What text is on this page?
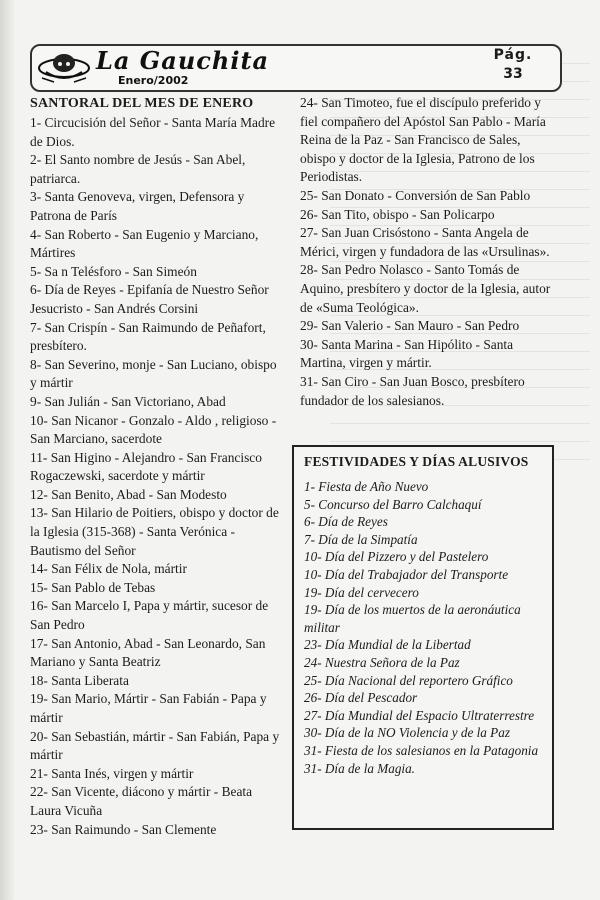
La Gauchita
Enero/2002
Pág.
33

SANTORAL DEL MES DE ENERO

1- Circucisión del Señor - Santa María Madre de Dios.

2- El Santo nombre de Jesús - San Abel, patriarca.

3- Santa Genoveva, virgen, Defensora y Patrona de París

4- San Roberto - San Eugenio y Marciano, Mártires

5- Sa n Telésforo - San Simeón

6- Día de Reyes - Epifanía de Nuestro Señor Jesucristo - San Andrés Corsini

7- San Crispín - San Raimundo de Peñafort, presbítero.

8- San Severino, monje - San Luciano, obispo y mártir

9- San Julián - San Victoriano, Abad

10- San Nicanor - Gonzalo - Aldo , religioso - San Marciano, sacerdote

11- San Higino - Alejandro - San Francisco Rogaczewski, sacerdote y mártir

12- San Benito, Abad - San Modesto

13- San Hilario de Poitiers, obispo y doctor de la Iglesia (315-368) - Santa Verónica - Bautismo del Señor

14- San Félix de Nola, mártir

15- San Pablo de Tebas

16- San Marcelo I, Papa y mártir, sucesor de San Pedro

17- San Antonio, Abad - San Leonardo, San Mariano y Santa Beatriz

18- Santa Liberata

19- San Mario, Mártir - San Fabián - Papa y mártir

20- San Sebastián, mártir - San Fabián, Papa y mártir

21- Santa Inés, virgen y mártir

22- San Vicente, diácono y mártir - Beata Laura Vicuña

23- San Raimundo - San Clemente

24- San Timoteo, fue el discípulo preferido y fiel compañero del Apóstol San Pablo - María Reina de la Paz - San Francisco de Sales, obispo y doctor de la Iglesia, Patrono de los Periodistas.

25- San Donato - Conversión de San Pablo

26- San Tito, obispo - San Policarpo

27- San Juan Crisóstono - Santa Angela de Mérici, virgen y fundadora de las «Ursulinas».

28- San Pedro Nolasco - Santo Tomás de Aquino, presbítero y doctor de la Iglesia, autor de «Suma Teológica».

29- San Valerio - San Mauro - San Pedro

30- Santa Marina - San Hipólito - Santa Martina, virgen y mártir.

31- San Ciro - San Juan Bosco, presbítero fundador de los salesianos.

FESTIVIDADES Y DÍAS ALUSIVOS

1- Fiesta de Año Nuevo

5- Concurso del Barro Calchaquí

6- Día de Reyes

7- Día de la Simpatía

10- Día del Pizzero y del Pastelero

10- Día del Trabajador del Transporte

19- Día del cervecero

19- Día de los muertos de la aeronáutica militar

23- Día Mundial de la Libertad

24- Nuestra Señora de la Paz

25- Día Nacional del reportero Gráfico

26- Día del Pescador

27- Día Mundial del Espacio Ultraterrestre

30- Día de la NO Violencia y de la Paz

31- Fiesta de los salesianos en la Patagonia

31- Día de la Magia.
